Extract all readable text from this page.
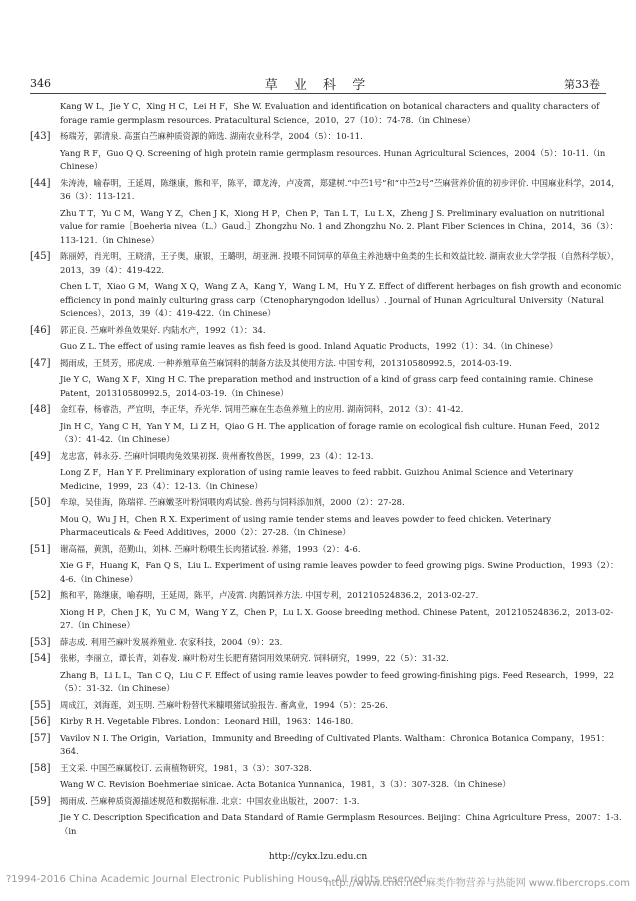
346	草 业 科 学	第33卷

Kang W L，Jie Y C，Xing H C，Lei H F，She W. Evaluation and identification on botanical characters and quality characters of forage ramie germplasm resources. Pratacultural Science，2010，27（10）：74-78.（in Chinese）

[43] 杨瑞芳，郭清泉. 高蛋白苎麻种质资源的筛选. 湖南农业科学，2004（5）：10-11.

Yang R F，Guo Q Q. Screening of high protein ramie germplasm resources. Hunan Agricultural Sciences，2004（5）：10-11.（in Chinese）

[44] 朱涛涛，喻春明，王延周，陈继康，熊和平，陈平，谭龙涛，卢凌霄，郑建树.“中苎1号”和“中苎2号”苎麻营养价值的初步评价. 中国麻业科学，2014，36（3）：113-121.

Zhu T T，Yu C M，Wang Y Z，Chen J K，Xiong H P，Chen P，Tan L T，Lu L X，Zheng J S. Preliminary evaluation on nutritional value for ramie［Boeheria nivea（L.）Gaud.］Zhongzhu No. 1 and Zhongzhu No. 2. Plant Fiber Sciences in China，2014，36（3）：113-121.（in Chinese）

[45] 陈丽婷，肖光明，王晓清，王子奥，康银，王璐明，胡亚洲. 投喂不同饲草的草鱼主养池塘中鱼类的生长和效益比较. 湖南农业大学学报（自然科学版），2013，39（4）：419-422.

Chen L T，Xiao G M，Wang X Q，Wang Z A，Kang Y，Wang L M，Hu Y Z. Effect of different herbages on fish growth and economic efficiency in pond mainly culturing grass carp（Ctenopharyngodon idellus）. Journal of Hunan Agricultural University（Natural Sciences），2013，39（4）：419-422.（in Chinese）

[46] 郭正良. 苎麻叶养鱼效果好. 内陆水产，1992（1）：34.

Guo Z L. The effect of using ramie leaves as fish feed is good. Inland Aquatic Products，1992（1）：34.（in Chinese）

[47] 揭雨成，王贤芳，邢虎成. 一种养殖草鱼苎麻饲料的制备方法及其使用方法. 中国专利，201310580992.5，2014-03-19.

Jie Y C，Wang X F，Xing H C. The preparation method and instruction of a kind of grass carp feed containing ramie. Chinese Patent，201310580992.5，2014-03-19.（in Chinese）

[48] 金红春，杨睿浩，严宜明，李正华，乔光华. 饲用苎麻在生态鱼养殖上的应用. 湖南饲料，2012（3）：41-42.

Jin H C，Yang C H，Yan Y M，Li Z H，Qiao G H. The application of forage ramie on ecological fish culture. Hunan Feed，2012（3）：41-42.（in Chinese）

[49] 龙忠富，韩永芬. 苎麻叶饲喂肉兔效果初探. 贵州畜牧兽医，1999，23（4）：12-13.

Long Z F，Han Y F. Preliminary exploration of using ramie leaves to feed rabbit. Guizhou Animal Science and Veterinary Medicine，1999，23（4）：12-13.（in Chinese）

[50] 牟琼，吴佳海，陈瑞祥. 苎麻嫩茎叶粉饲喂肉鸡试验. 兽药与饲料添加剂，2000（2）：27-28.

Mou Q，Wu J H，Chen R X. Experiment of using ramie tender stems and leaves powder to feed chicken. Veterinary Pharmaceuticals & Feed Additives，2000（2）：27-28.（in Chinese）

[51] 谢高福，黄凯，范勤山，刘林. 苎麻叶粉喂生长肉猪试验. 养猪，1993（2）：4-6.

Xie G F，Huang K，Fan Q S，Liu L. Experiment of using ramie leaves powder to feed growing pigs. Swine Production，1993（2）：4-6.（in Chinese）

[52] 熊和平，陈继康，喻春明，王延周，陈平，卢凌霄. 肉鹅饲养方法. 中国专利，201210524836.2，2013-02-27.

Xiong H P，Chen J K，Yu C M，Wang Y Z，Chen P，Lu L X. Goose breeding method. Chinese Patent，201210524836.2，2013-02-27.（in Chinese）

[53] 薛志成. 利用苎麻叶发展养殖业. 农家科技，2004（9）：23.

[54] 张彬，李丽立，谭长青，刘春发. 麻叶粉对生长肥育猪饲用效果研究. 饲料研究，1999，22（5）：31-32.

Zhang B，Li L L，Tan C Q，Liu C F. Effect of using ramie leaves powder to feed growing-finishing pigs. Feed Research，1999，22（5）：31-32.（in Chinese）

[55] 周成江，刘海莲，刘玉明. 苎麻叶粉替代米糠喂猪试验报告. 畜禽业，1994（5）：25-26.

[56] Kirby R H. Vegetable Fibres. London：Leonard Hill，1963：146-180.

[57] Vavilov N I. The Origin，Variation，Immunity and Breeding of Cultivated Plants. Waltham：Chronica Botanica Company，1951：364.

[58] 王文采. 中国苎麻属校订. 云南植物研究，1981，3（3）：307-328.

Wang W C. Revision Boehmeriae sinicae. Acta Botanica Yunnanica，1981，3（3）：307-328.（in Chinese）

[59] 揭雨成. 苎麻种质资源描述规范和数据标准. 北京：中国农业出版社，2007：1-3.

Jie Y C. Description Specification and Data Standard of Ramie Germplasm Resources. Beijing：China Agriculture Press，2007：1-3.（in

http://cykx.lzu.edu.cn
?1994-2016 China Academic Journal Electronic Publishing House. All rights reserved.
http://www.cnki.net 麻类作物营养与热能网 www.fibercrops.com
